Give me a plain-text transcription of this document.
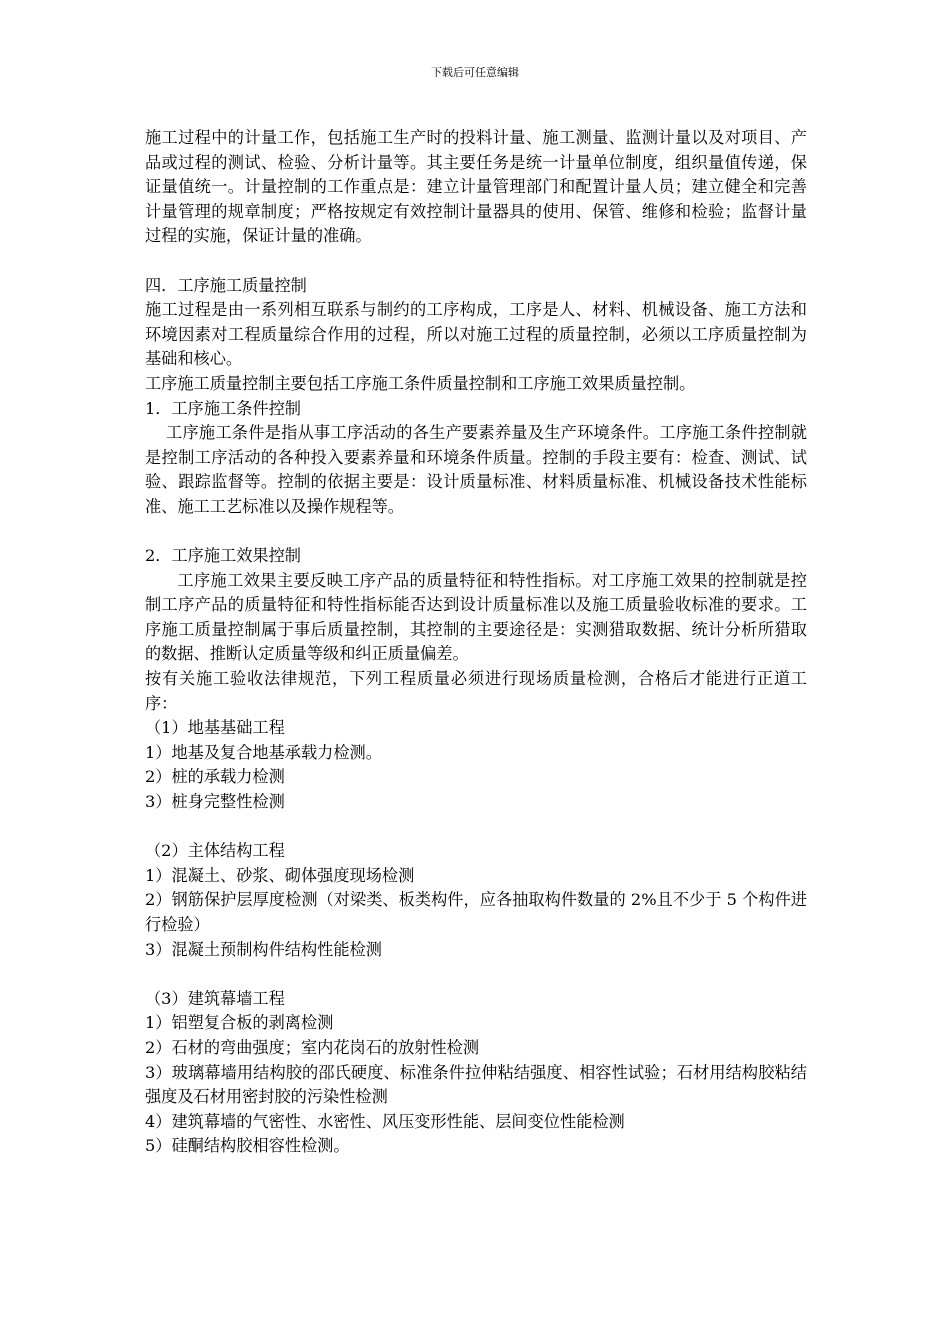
下载后可任意编辑

施工过程中的计量工作，包括施工生产时的投料计量、施工测量、监测计量以及对项目、产品或过程的测试、检验、分析计量等。其主要任务是统一计量单位制度，组织量值传递，保证量值统一。计量控制的工作重点是：建立计量管理部门和配置计量人员；建立健全和完善计量管理的规章制度；严格按规定有效控制计量器具的使用、保管、维修和检验；监督计量过程的实施，保证计量的准确。

四．工序施工质量控制

施工过程是由一系列相互联系与制约的工序构成，工序是人、材料、机械设备、施工方法和环境因素对工程质量综合作用的过程，所以对施工过程的质量控制，必须以工序质量控制为基础和核心。

工序施工质量控制主要包括工序施工条件质量控制和工序施工效果质量控制。

1．工序施工条件控制

工序施工条件是指从事工序活动的各生产要素养量及生产环境条件。工序施工条件控制就是控制工序活动的各种投入要素养量和环境条件质量。控制的手段主要有：检查、测试、试验、跟踪监督等。控制的依据主要是：设计质量标准、材料质量标准、机械设备技术性能标准、施工工艺标准以及操作规程等。

2．工序施工效果控制

工序施工效果主要反映工序产品的质量特征和特性指标。对工序施工效果的控制就是控制工序产品的质量特征和特性指标能否达到设计质量标准以及施工质量验收标准的要求。工序施工质量控制属于事后质量控制，其控制的主要途径是：实测猎取数据、统计分析所猎取的数据、推断认定质量等级和纠正质量偏差。

按有关施工验收法律规范，下列工程质量必须进行现场质量检测，合格后才能进行正道工序：

（1）地基基础工程

1）地基及复合地基承载力检测。

2）桩的承载力检测

3）桩身完整性检测

（2）主体结构工程

1）混凝土、砂浆、砌体强度现场检测

2）钢筋保护层厚度检测（对梁类、板类构件，应各抽取构件数量的 2%且不少于 5 个构件进行检验）

3）混凝土预制构件结构性能检测

（3）建筑幕墙工程

1）铝塑复合板的剥离检测

2）石材的弯曲强度；室内花岗石的放射性检测

3）玻璃幕墙用结构胶的邵氏硬度、标准条件拉伸粘结强度、相容性试验；石材用结构胶粘结强度及石材用密封胶的污染性检测

4）建筑幕墙的气密性、水密性、风压变形性能、层间变位性能检测

5）硅酮结构胶相容性检测。
